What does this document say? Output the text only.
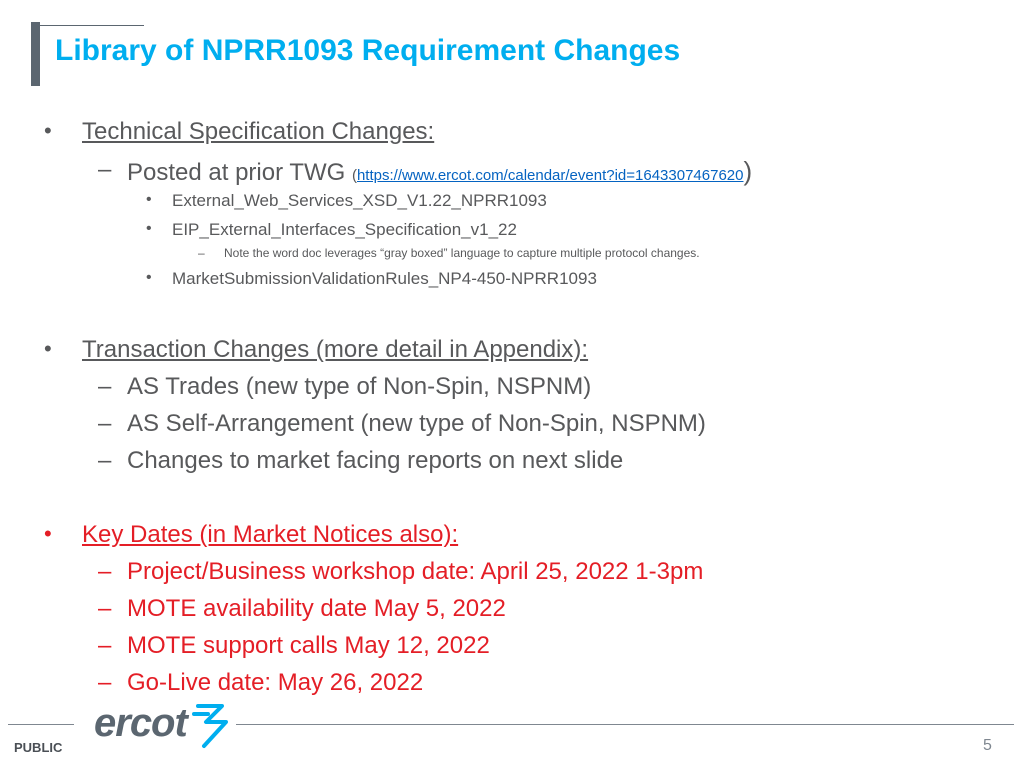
Library of NPRR1093 Requirement Changes
• Technical Specification Changes:
– Posted at prior TWG (https://www.ercot.com/calendar/event?id=1643307467620)
• External_Web_Services_XSD_V1.22_NPRR1093
• EIP_External_Interfaces_Specification_v1_22
– Note the word doc leverages “gray boxed” language to capture multiple protocol changes.
• MarketSubmissionValidationRules_NP4-450-NPRR1093
• Transaction Changes (more detail in Appendix):
– AS Trades (new type of Non-Spin, NSPNM)
– AS Self-Arrangement (new type of Non-Spin, NSPNM)
– Changes to market facing reports on next slide
• Key Dates (in Market Notices also):
– Project/Business workshop date: April 25, 2022 1-3pm
– MOTE availability date May 5, 2022
– MOTE support calls May 12, 2022
– Go-Live date: May 26, 2022
ercot
PUBLIC	5
